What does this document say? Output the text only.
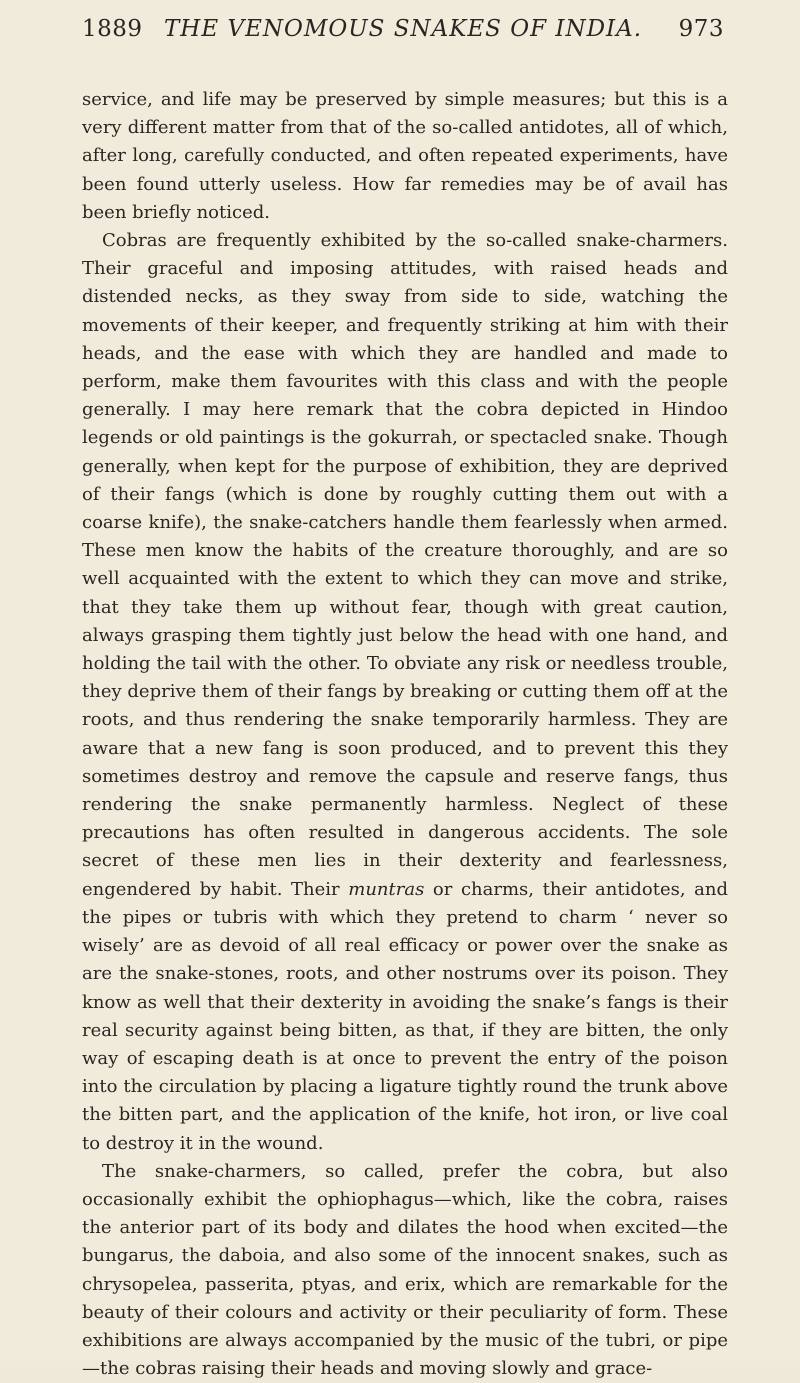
1889 THE VENOMOUS SNAKES OF INDIA.	973

service, and life may be preserved by simple measures; but this is a very different matter from that of the so-called antidotes, all of which, after long, carefully conducted, and often repeated experiments, have been found utterly useless. How far remedies may be of avail has been briefly noticed.

Cobras are frequently exhibited by the so-called snake-charmers. Their graceful and imposing attitudes, with raised heads and distended necks, as they sway from side to side, watching the movements of their keeper, and frequently striking at him with their heads, and the ease with which they are handled and made to perform, make them favourites with this class and with the people generally. I may here remark that the cobra depicted in Hindoo legends or old paintings is the gokurrah, or spectacled snake. Though generally, when kept for the purpose of exhibition, they are deprived of their fangs (which is done by roughly cutting them out with a coarse knife), the snake-catchers handle them fearlessly when armed. These men know the habits of the creature thoroughly, and are so well acquainted with the extent to which they can move and strike, that they take them up without fear, though with great caution, always grasping them tightly just below the head with one hand, and holding the tail with the other. To obviate any risk or needless trouble, they deprive them of their fangs by breaking or cutting them off at the roots, and thus rendering the snake temporarily harmless. They are aware that a new fang is soon produced, and to prevent this they sometimes destroy and remove the capsule and reserve fangs, thus rendering the snake permanently harmless. Neglect of these precautions has often resulted in dangerous accidents. The sole secret of these men lies in their dexterity and fearlessness, engendered by habit. Their muntras or charms, their antidotes, and the pipes or tubris with which they pretend to charm ‘ never so wisely’ are as devoid of all real efficacy or power over the snake as are the snake-stones, roots, and other nostrums over its poison. They know as well that their dexterity in avoiding the snake’s fangs is their real security against being bitten, as that, if they are bitten, the only way of escaping death is at once to prevent the entry of the poison into the circulation by placing a ligature tightly round the trunk above the bitten part, and the application of the knife, hot iron, or live coal to destroy it in the wound.

The snake-charmers, so called, prefer the cobra, but also occasionally exhibit the ophiophagus—which, like the cobra, raises the anterior part of its body and dilates the hood when excited—the bungarus, the daboia, and also some of the innocent snakes, such as chrysopelea, passerita, ptyas, and erix, which are remarkable for the beauty of their colours and activity or their peculiarity of form. These exhibitions are always accompanied by the music of the tubri, or pipe—the cobras raising their heads and moving slowly and grace-
